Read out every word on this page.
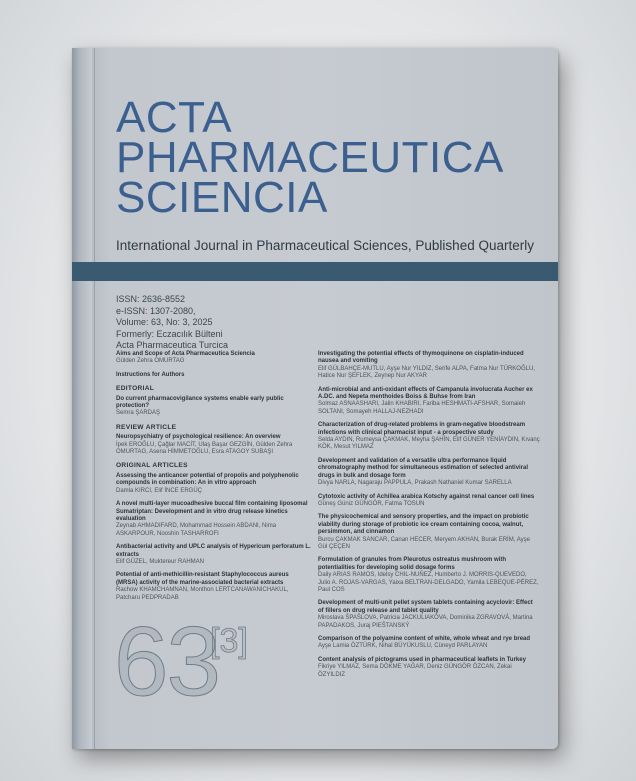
ACTA
PHARMACEUTICA
SCIENCIA

International Journal in Pharmaceutical Sciences, Published Quarterly

ISSN: 2636-8552
e-ISSN: 1307-2080,
Volume: 63, No: 3, 2025
Formerly: Eczacılık Bülteni
Acta Pharmaceutica Turcica
Aims and Scope of Acta Pharmaceutica Sciencia
Gülden Zehra OMURTAG
Instructions for Authors
EDITORIAL
Do current pharmacovigilance systems enable early public protection?
Semra ŞARDAŞ
REVIEW ARTICLE
Neuropsychiatry of psychological resilience: An overview
İpek EROĞLU, Çağlar MACİT, Ulaş Başar GEZGİN, Gülden Zehra OMURTAG, Asena HİMMETOĞLU, Esra ATAGOY SUBAŞI
ORIGINAL ARTICLES
Assessing the anticancer potential of propolis and polyphenolic compounds in combination: An in vitro approach
Damla KIRCI, Elif İNCE ERGÜÇ
A novel multi-layer mucoadhesive buccal film containing liposomal Sumatriptan: Development and in vitro drug release kinetics evaluation
Zeynab AHMADIFARD, Mohammad Hossein ABDANI, Nima ASKARPOUR, Nooshin TASHARROFI
Antibacterial activity and UPLC analysis of Hypericum perforatum L. extracts
Elif GÜZEL, Muktereur RAHMAN
Potential of anti-methicillin-resistant Staphylococcus aureus (MRSA) activity of the marine-associated bacterial extracts
Rachow KHAMCHAMNAN, Monthon LERTCANAWANICHAKUL, Patcharu PEDPRADAB
Investigating the potential effects of thymoquinone on cisplatin-induced nausea and vomiting
Elif GÜLBAHÇE-MUTLU, Ayşe Nur YILDIZ, Serife ALPA, Fatma Nur TÜRKOĞLU, Hatice Nur ŞEFLEK, Zeynep Nur AKYAR
Anti-microbial and anti-oxidant effects of Campanula involucrata Aucher ex A.DC. and Nepeta menthoides Boiss & Buhse from Iran
Solmaz ASNAASHARI, Jalin KHABIRI, Fariba HESHMATI-AFSHAR, Somaieh SOLTANI, Somayeh HALLAJ-NEZHADI
Characterization of drug-related problems in gram-negative bloodstream infections with clinical pharmacist input - a prospective study
Selda AYDIN, Rumeysa ÇAKMAK, Meyha ŞAHİN, Elif GÜNER YENİAYDIN, Kıvanç KÖK, Mesut YILMAZ
Development and validation of a versatile ultra performance liquid chromatography method for simultaneous estimation of selected antiviral drugs in bulk and dosage form
Divya NARLA, Nagaraju PAPPULA, Prakash Nathaniel Kumar SARELLA
Cytotoxic activity of Achillea arabica Kotschy against renal cancer cell lines
Güneş Güniz GÜNGÖR, Fatma TOSUN
The physicochemical and sensory properties, and the impact on probiotic viability during storage of probiotic ice cream containing cocoa, walnut, persimmon, and cinnamon
Burcu ÇAKMAK SANCAR, Canan HECER, Meryem AKHAN, Burak ERİM, Ayşe Gül ÇEÇEN
Formulation of granules from Pleurotus ostreatus mushroom with potentialities for developing solid dosage forms
Daily ARIAS RAMOS, Idelsy CHIL-NUÑEZ, Humberto J. MORRIS-QUEVEDO, Julio A. ROJAS-VARGAS, Yaixa BELTRAN-DELGADO, Yamila LEBEQUE-PÉREZ, Paul COS
Development of multi-unit pellet system tablets containing acyclovir: Effect of fillers on drug release and tablet quality
Miroslava ŠPAŠLOVA, Patricia JACKULIAKOVA, Dominika ZGRAVOVÁ, Martina PAPADAKOS, Juraj PIEŠTANSKÝ
Comparison of the polyamine content of white, whole wheat and rye bread
Ayşe Lamia ÖZTÜRK, Nihal BÜYÜKUSLU, Cüneyd PARLAYAN
Content analysis of pictograms used in pharmaceutical leaflets in Turkey
Fikriye YILMAZ, Sema DÖKME YAĞAR, Deniz GÜNGÖR ÖZCAN, Zekai ÖZYILDIZ
63
[3]
